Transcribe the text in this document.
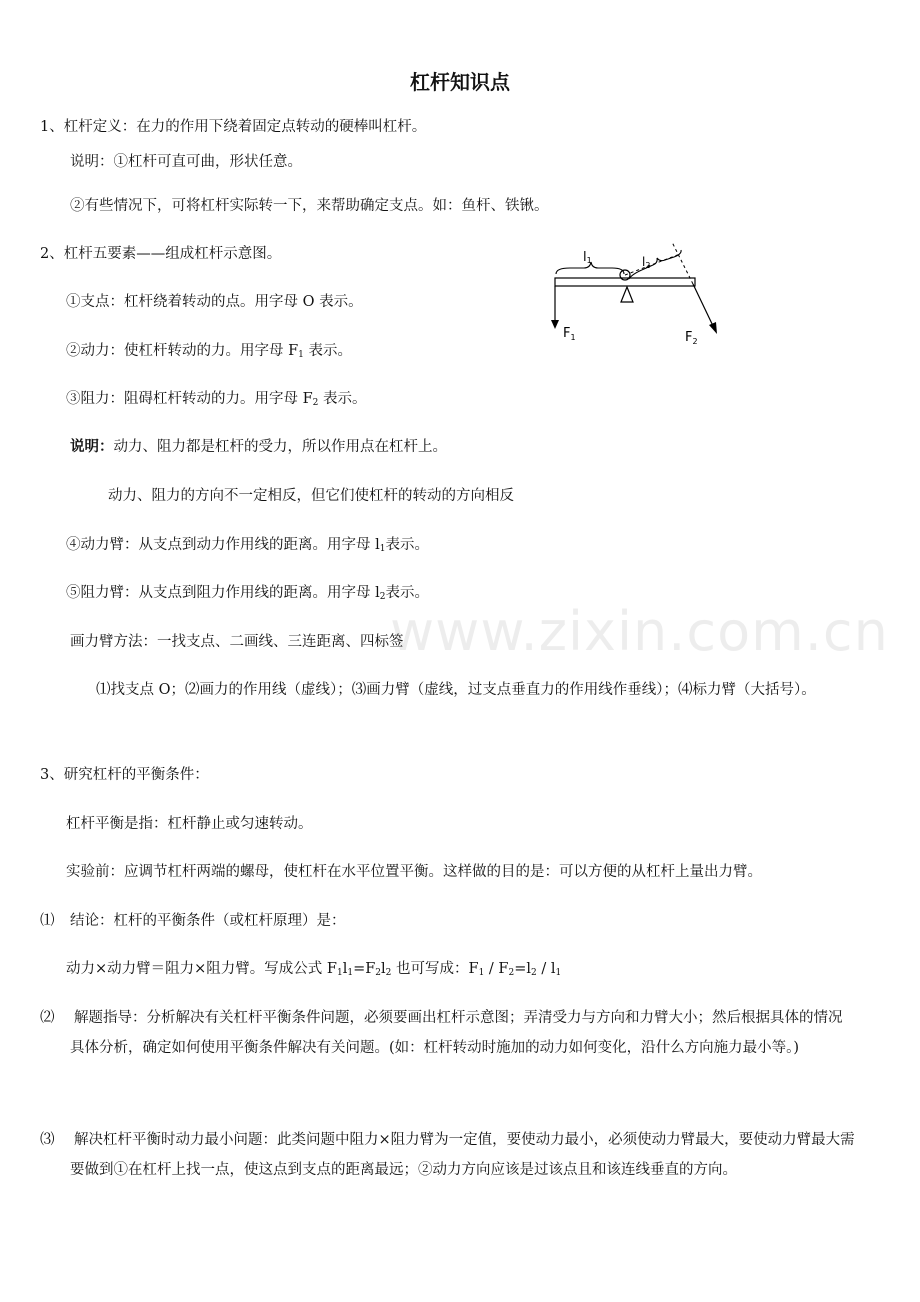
www.zixin.com.cn
杠杆知识点
1、杠杆定义：在力的作用下绕着固定点转动的硬棒叫杠杆。
说明：①杠杆可直可曲，形状任意。
②有些情况下，可将杠杆实际转一下，来帮助确定支点。如：鱼杆、铁锹。
2、杠杆五要素——组成杠杆示意图。
①支点：杠杆绕着转动的点。用字母 O 表示。
②动力：使杠杆转动的力。用字母 $F_1$ 表示。
③阻力：阻碍杠杆转动的力。用字母 $F_2$ 表示。
说明：动力、阻力都是杠杆的受力，所以作用点在杠杆上。
动力、阻力的方向不一定相反，但它们使杠杆的转动的方向相反
④动力臂：从支点到动力作用线的距离。用字母 $l_1$表示。
⑤阻力臂：从支点到阻力作用线的距离。用字母 $l_2$表示。
画力臂方法：一找支点、二画线、三连距离、四标签
⑴找支点 O；⑵画力的作用线（虚线）；⑶画力臂（虚线，过支点垂直力的作用线作垂线）；⑷标力臂（大括号）。
l1	l2
$F_1$	$F_2$
3、研究杠杆的平衡条件：
杠杆平衡是指：杠杆静止或匀速转动。
实验前：应调节杠杆两端的螺母，使杠杆在水平位置平衡。这样做的目的是：可以方便的从杠杆上量出力臂。
⑴ 结论：杠杆的平衡条件（或杠杆原理）是：
动力×动力臂＝阻力×阻力臂。写成公式 $F_1l_1=F_2l_2$ 也可写成：$F_1 / F_2=l_2 / l_1$
⑵ 解题指导：分析解决有关杠杆平衡条件问题，必须要画出杠杆示意图；弄清受力与方向和力臂大小；然后根据具体的情况具体分析，确定如何使用平衡条件解决有关问题。(如：杠杆转动时施加的动力如何变化，沿什么方向施力最小等。)
⑶ 解决杠杆平衡时动力最小问题：此类问题中阻力×阻力臂为一定值，要使动力最小，必须使动力臂最大，要使动力臂最大需要做到①在杠杆上找一点，使这点到支点的距离最远；②动力方向应该是过该点且和该连线垂直的方向。
